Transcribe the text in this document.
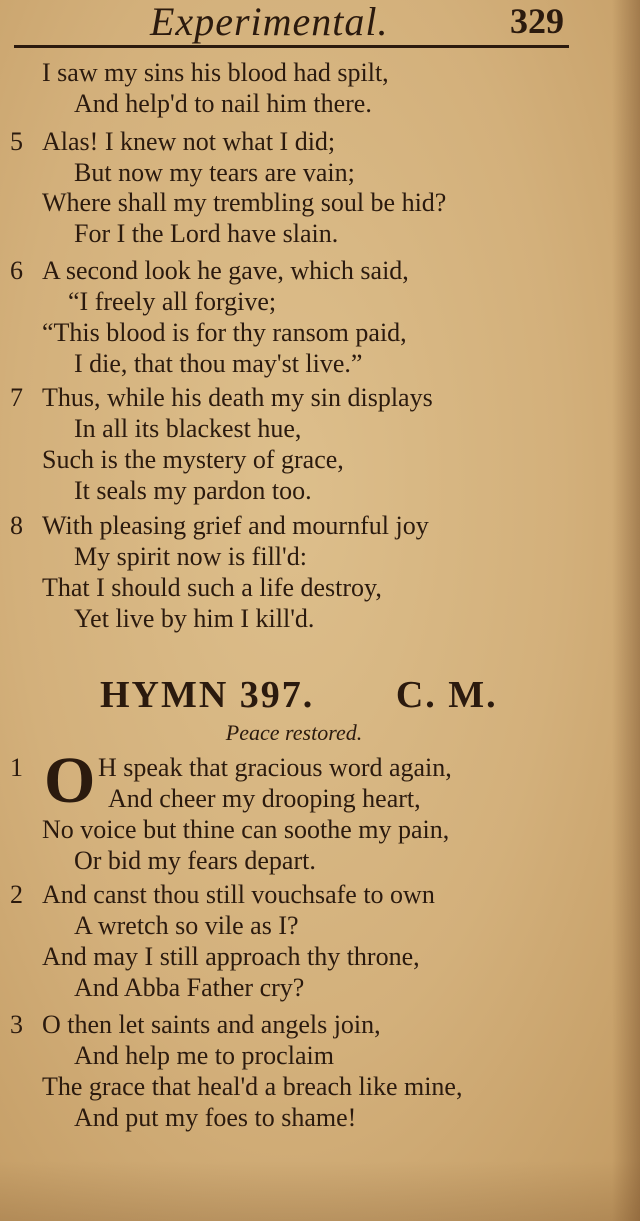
Experimental.	329
I saw my sins his blood had spilt,
And help'd to nail him there.
5 Alas! I knew not what I did;
But now my tears are vain;
Where shall my trembling soul be hid?
For I the Lord have slain.
6 A second look he gave, which said,
“I freely all forgive;
“This blood is for thy ransom paid,
I die, that thou may'st live.”
7 Thus, while his death my sin displays
In all its blackest hue,
Such is the mystery of grace,
It seals my pardon too.
8 With pleasing grief and mournful joy
My spirit now is fill'd:
That I should such a life destroy,
Yet live by him I kill'd.
HYMN 397. C. M.
Peace restored.
1 O H speak that gracious word again,
And cheer my drooping heart,
No voice but thine can soothe my pain,
Or bid my fears depart.
2 And canst thou still vouchsafe to own
A wretch so vile as I?
And may I still approach thy throne,
And Abba Father cry?
3 O then let saints and angels join,
And help me to proclaim
The grace that heal'd a breach like mine,
And put my foes to shame!
